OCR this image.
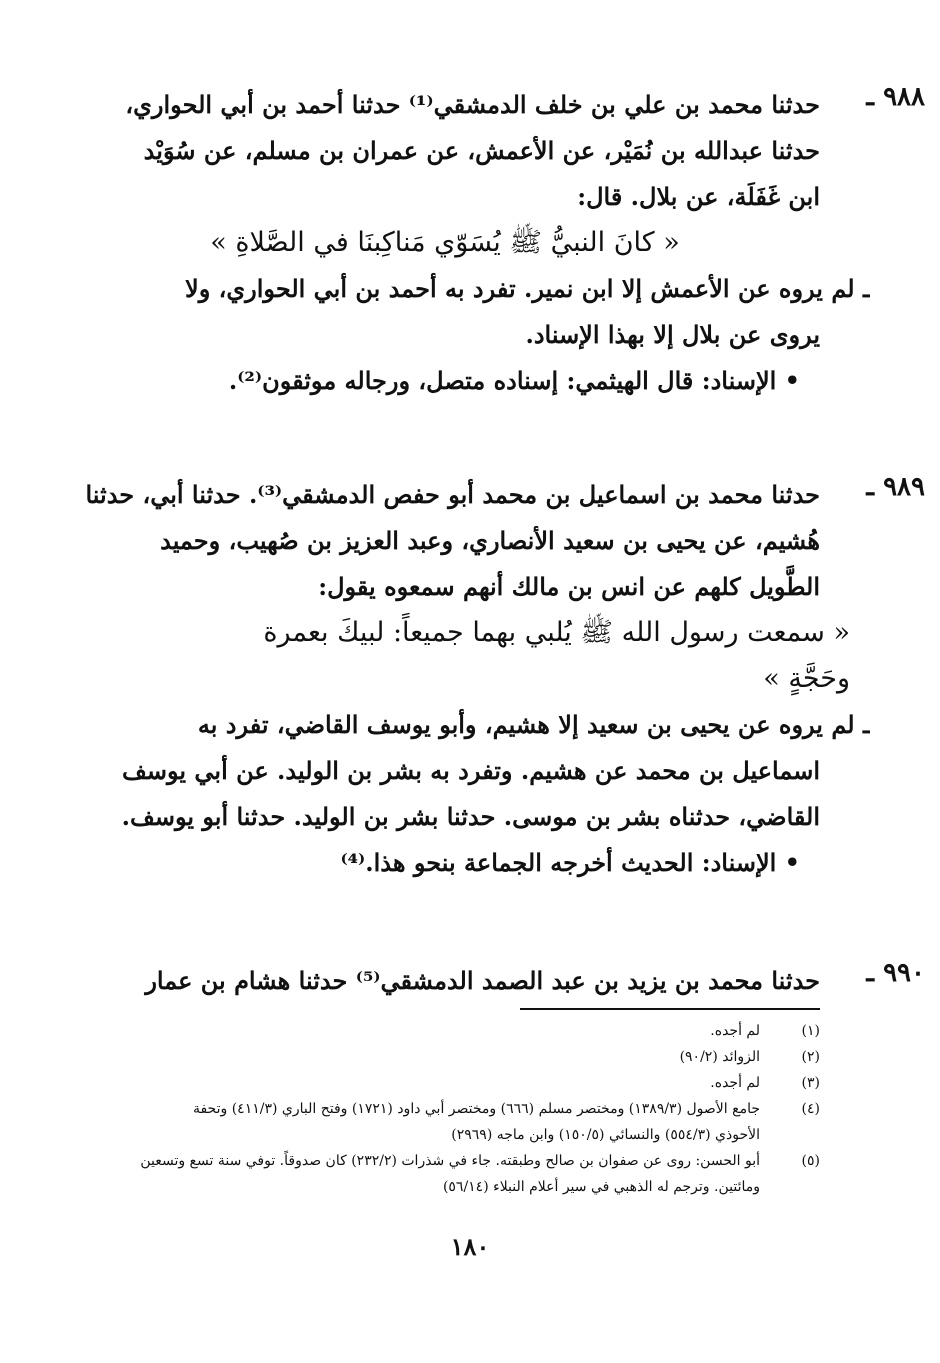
٩٨٨ ـ
حدثنا محمد بن علي بن خلف الدمشقي⁽¹⁾ حدثنا أحمد بن أبي الحواري،
حدثنا عبدالله بن نُمَيْر، عن الأعمش، عن عمران بن مسلم، عن سُوَيْد
ابن غَفَلَة، عن بلال. قال:
« كانَ النبيُّ ﷺ يُسَوّي مَناكِبنَا في الصَّلاةِ »
ـ لم يروه عن الأعمش إلا ابن نمير. تفرد به أحمد بن أبي الحواري، ولا
يروى عن بلال إلا بهذا الإسناد.
• الإسناد: قال الهيثمي: إسناده متصل، ورجاله موثقون⁽²⁾.
٩٨٩ ـ
حدثنا محمد بن اسماعيل بن محمد أبو حفص الدمشقي⁽³⁾. حدثنا أبي، حدثنا
هُشيم، عن يحيى بن سعيد الأنصاري، وعبد العزيز بن صُهيب، وحميد
الطَّويل كلهم عن انس بن مالك أنهم سمعوه يقول:
« سمعت رسول الله ﷺ يُلبي بهما جميعاً: لبيكَ بعمرة
وحَجَّةٍ »
ـ لم يروه عن يحيى بن سعيد إلا هشيم، وأبو يوسف القاضي، تفرد به
اسماعيل بن محمد عن هشيم. وتفرد به بشر بن الوليد. عن أبي يوسف
القاضي، حدثناه بشر بن موسى. حدثنا بشر بن الوليد. حدثنا أبو يوسف.
• الإسناد: الحديث أخرجه الجماعة بنحو هذا.⁽⁴⁾
٩٩٠ ـ
حدثنا محمد بن يزيد بن عبد الصمد الدمشقي⁽⁵⁾ حدثنا هشام بن عمار
(١)
لم أجده.
(٢)
الزوائد (٩٠/٢)
(٣)
لم أجده.
(٤)
جامع الأصول (١٣٨٩/٣) ومختصر مسلم (٦٦٦) ومختصر أبي داود (١٧٢١) وفتح الباري (٤١١/٣) وتحفة
الأحوذي (٥٥٤/٣) والنسائي (١٥٠/٥) وابن ماجه (٢٩٦٩)
(٥)
أبو الحسن: روى عن صفوان بن صالح وطبقته. جاء في شذرات (٢٣٢/٢) كان صدوقاً. توفي سنة تسع وتسعين
ومائتين. وترجم له الذهبي في سير أعلام النبلاء (٥٦/١٤)
١٨٠
